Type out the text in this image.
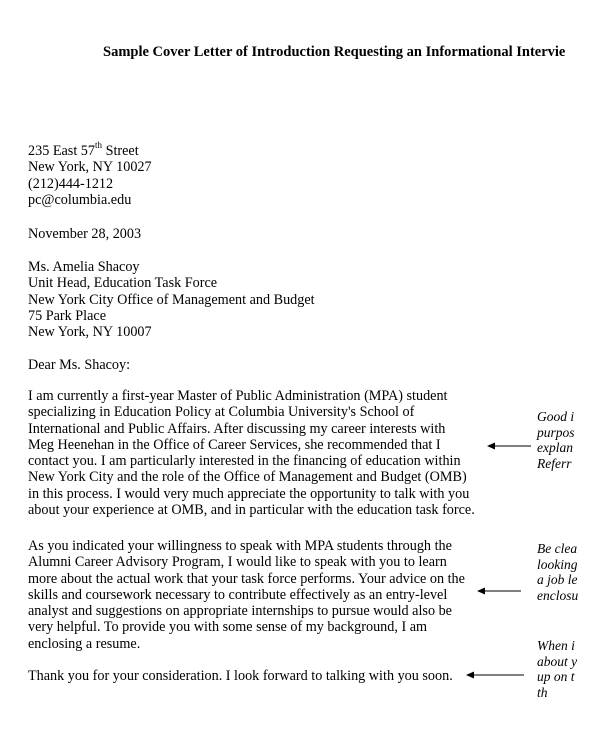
Sample Cover Letter of Introduction Requesting an Informational Intervie
235 East 57th Street
New York, NY 10027
(212)444-1212
pc@columbia.edu
November 28, 2003
Ms. Amelia Shacoy
Unit Head, Education Task Force
New York City Office of Management and Budget
75 Park Place
New York, NY 10007
Dear Ms. Shacoy:
I am currently a first-year Master of Public Administration (MPA) student
specializing in Education Policy at Columbia University's School of
International and Public Affairs. After discussing my career interests with
Meg Heenehan in the Office of Career Services, she recommended that I
contact you. I am particularly interested in the financing of education within
New York City and the role of the Office of Management and Budget (OMB)
in this process. I would very much appreciate the opportunity to talk with you
about your experience at OMB, and in particular with the education task force.
As you indicated your willingness to speak with MPA students through the
Alumni Career Advisory Program, I would like to speak with you to learn
more about the actual work that your task force performs. Your advice on the
skills and coursework necessary to contribute effectively as an entry-level
analyst and suggestions on appropriate internships to pursue would also be
very helpful. To provide you with some sense of my background, I am
enclosing a resume.
Thank you for your consideration. I look forward to talking with you soon.
Good i
purpos
explan
Referr
Be clea
looking
a job le
enclosu
When i
about y
up on t
th
